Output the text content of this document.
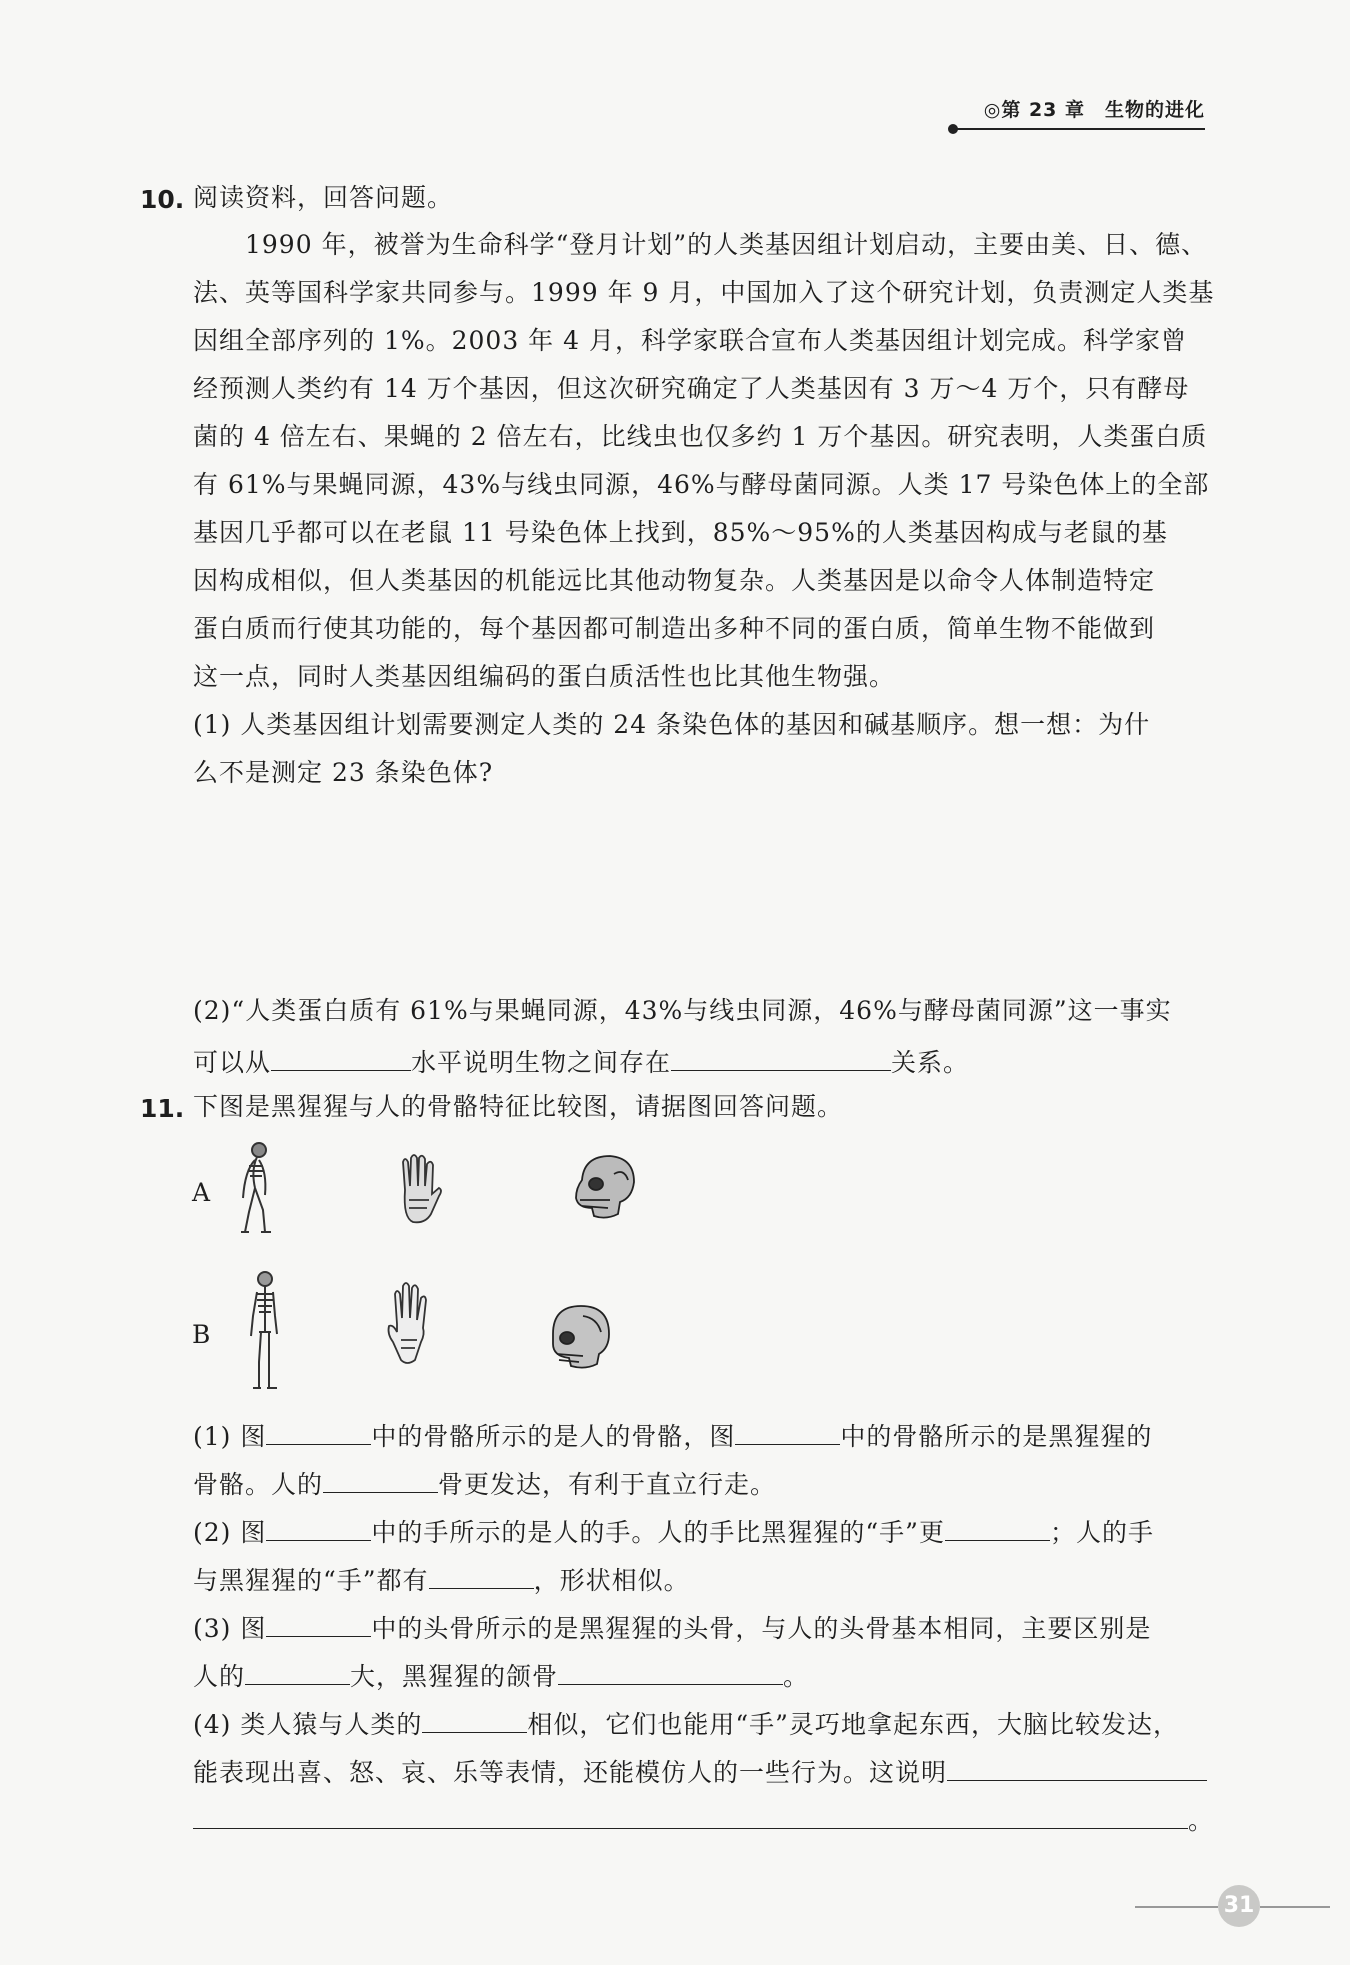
◎第 23 章　生物的进化
10. 阅读资料，回答问题。
1990 年，被誉为生命科学“登月计划”的人类基因组计划启动，主要由美、日、德、
法、英等国科学家共同参与。1999 年 9 月，中国加入了这个研究计划，负责测定人类基
因组全部序列的 1%。2003 年 4 月，科学家联合宣布人类基因组计划完成。科学家曾
经预测人类约有 14 万个基因，但这次研究确定了人类基因有 3 万～4 万个，只有酵母
菌的 4 倍左右、果蝇的 2 倍左右，比线虫也仅多约 1 万个基因。研究表明，人类蛋白质
有 61%与果蝇同源，43%与线虫同源，46%与酵母菌同源。人类 17 号染色体上的全部
基因几乎都可以在老鼠 11 号染色体上找到，85%～95%的人类基因构成与老鼠的基
因构成相似，但人类基因的机能远比其他动物复杂。人类基因是以命令人体制造特定
蛋白质而行使其功能的，每个基因都可制造出多种不同的蛋白质，简单生物不能做到
这一点，同时人类基因组编码的蛋白质活性也比其他生物强。
(1) 人类基因组计划需要测定人类的 24 条染色体的基因和碱基顺序。想一想：为什
么不是测定 23 条染色体?
(2)“人类蛋白质有 61%与果蝇同源，43%与线虫同源，46%与酵母菌同源”这一事实
可以从	水平说明生物之间存在	关系。
11. 下图是黑猩猩与人的骨骼特征比较图，请据图回答问题。
A
B
(1) 图	中的骨骼所示的是人的骨骼，图	中的骨骼所示的是黑猩猩的
骨骼。人的	骨更发达，有利于直立行走。
(2) 图	中的手所示的是人的手。人的手比黑猩猩的“手”更	；人的手
与黑猩猩的“手”都有	，形状相似。
(3) 图	中的头骨所示的是黑猩猩的头骨，与人的头骨基本相同，主要区别是
人的	大，黑猩猩的颌骨	。
(4) 类人猿与人类的	相似，它们也能用“手”灵巧地拿起东西，大脑比较发达，
能表现出喜、怒、哀、乐等表情，还能模仿人的一些行为。这说明
。
31
